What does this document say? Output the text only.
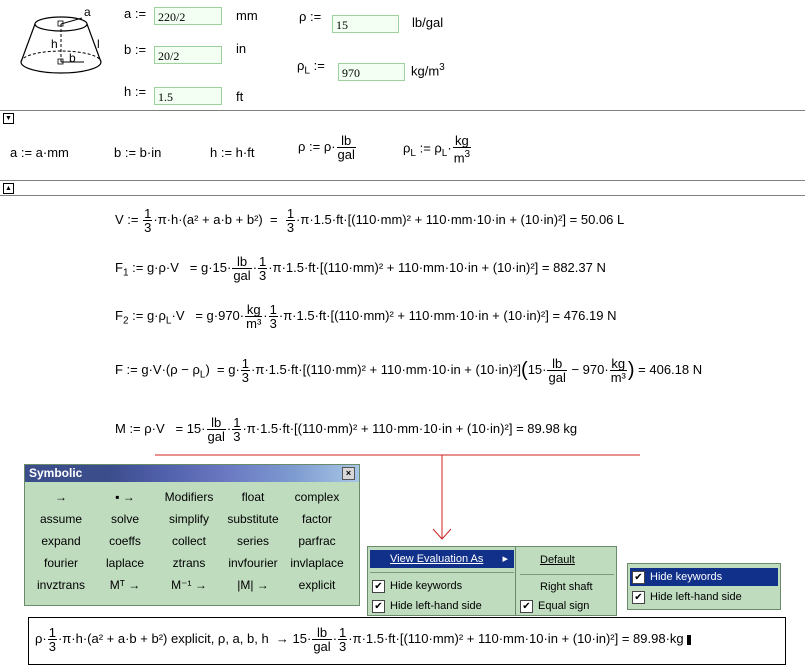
a
h	l
b
a := 220/2	mm
b := 20/2	in
h := 1.5	ft
ρ :=
15	lb/gal
$\rho_L$ :=	970	$kg/m^3$
▼
▲
a := a·mm	b := b·in	h := h·ft	ρ := $\rho\cdot \frac{lb}{\text{gal}}$	$\rho_L$ := $\rho_L\cdot \frac{kg}{m^3}$
V := $\frac{1}{3} \cdot\pi\cdot h\cdot(a^2 + a\cdot b + b^2) = \frac{1}{3} \cdot\pi\cdot 1.5\cdot ft\cdot[(110\cdot mm)^2 + 110\cdot mm\cdot 10\cdot in + (10\cdot in)^2] = 50.06$ L
$F_1$ := $g\cdot\rho\cdot V = g\cdot 15\cdot \frac{lb}{\text{gal}} \cdot \frac{1}{3} \cdot\pi\cdot 1.5\cdot ft\cdot[(110\cdot mm)^2 + 110\cdot mm\cdot 10\cdot in + (10\cdot in)^2] = 882.37$ N
$F_2$ := $g\cdot\rho_L\cdot V = g\cdot 970\cdot \frac{kg}{\text{m³}} \cdot \frac{1}{3} \cdot\pi\cdot 1.5\cdot ft\cdot[(110\cdot mm)^2 + 110\cdot mm\cdot 10\cdot in + (10\cdot in)^2] = 476.19$ N
F := $g\cdot V\cdot(\rho - \rho_L) = g\cdot \frac{1}{3} \cdot\pi\cdot 1.5\cdot ft\cdot[(110\cdot mm)^2 + 110\cdot mm\cdot 10\cdot in + (10\cdot in)^2](15\cdot \frac{lb}{\text{gal}} - 970\cdot \frac{kg}{\text{m³}}$ ) = 406.18 N
M := $\rho\cdot V = 15\cdot \frac{lb}{\text{gal}} \cdot \frac{1}{3} \cdot\pi\cdot 1.5\cdot ft\cdot[(110\cdot mm)^2 + 110\cdot mm\cdot 10\cdot in + (10\cdot in)^2] = 89.98$ kg
Symbolic	×
→	▪ →	Modifiers	float	complex
assume	solve	simplify	substitute	factor
expand	coeffs	collect	series	parfrac
fourier	laplace	ztrans	invfourier	invlaplace
invztrans	Mᵀ →	M⁻¹ →	|M| →	explicit
View Evaluation As ▸
✔ Hide keywords
✔ Hide left-hand side
Default
Right shaft
✔ Equal sign
✔ Hide keywords
✔ Hide left-hand side
$\rho\cdot \frac{1}{3} \cdot\pi\cdot h\cdot(a^2 + a\cdot b + b^2)$ explicit, ρ, a, b, $h \to 15\cdot \frac{lb}{\text{gal}} \cdot \frac{1}{3} \cdot\pi\cdot 1.5\cdot ft\cdot[(110\cdot mm)^2 + 110\cdot mm\cdot 10\cdot in + (10\cdot in)^2] = 89.98\cdot kg$
